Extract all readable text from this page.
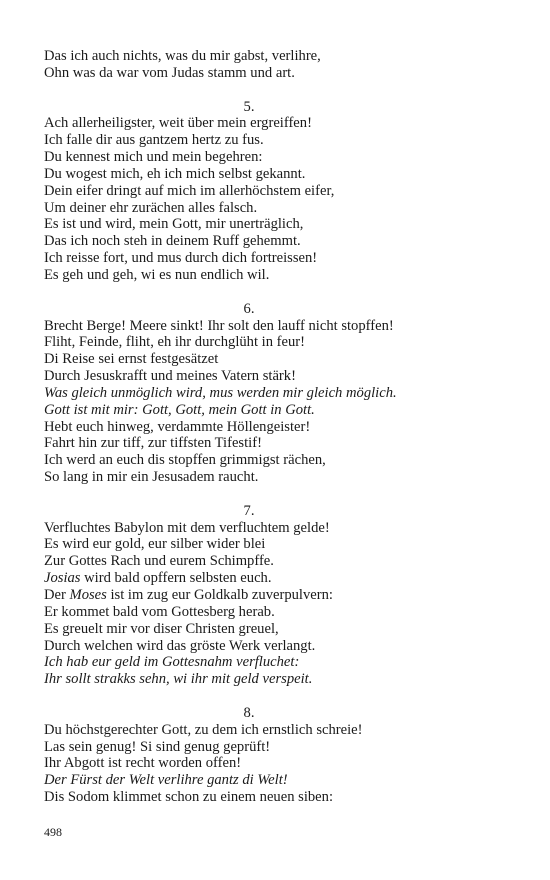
Das ich auch nichts, was du mir gabst, verlihre,
Ohn was da war vom Judas stamm und art.
5.
Ach allerheiligster, weit über mein ergreiffen!
Ich falle dir aus gantzem hertz zu fus.
Du kennest mich und mein begehren:
Du wogest mich, eh ich mich selbst gekannt.
Dein eifer dringt auf mich im allerhöchstem eifer,
Um deiner ehr zurächen alles falsch.
Es ist und wird, mein Gott, mir unerträglich,
Das ich noch steh in deinem Ruff gehemmt.
Ich reisse fort, und mus durch dich fortreissen!
Es geh und geh, wi es nun endlich wil.
6.
Brecht Berge! Meere sinkt! Ihr solt den lauff nicht stopffen!
Fliht, Feinde, fliht, eh ihr durchglüht in feur!
Di Reise sei ernst festgesätzet
Durch Jesuskrafft und meines Vatern stärk!
Was gleich unmöglich wird, mus werden mir gleich möglich.
Gott ist mit mir: Gott, Gott, mein Gott in Gott.
Hebt euch hinweg, verdammte Höllengeister!
Fahrt hin zur tiff, zur tiffsten Tifestif!
Ich werd an euch dis stopffen grimmigst rächen,
So lang in mir ein Jesusadem raucht.
7.
Verfluchtes Babylon mit dem verfluchtem gelde!
Es wird eur gold, eur silber wider blei
Zur Gottes Rach und eurem Schimpffe.
Josias wird bald opffern selbsten euch.
Der Moses ist im zug eur Goldkalb zuverpulvern:
Er kommet bald vom Gottesberg herab.
Es greuelt mir vor diser Christen greuel,
Durch welchen wird das gröste Werk verlangt.
Ich hab eur geld im Gottesnahm verfluchet:
Ihr sollt strakks sehn, wi ihr mit geld verspeit.
8.
Du höchstgerechter Gott, zu dem ich ernstlich schreie!
Las sein genug! Si sind genug geprüft!
Ihr Abgott ist recht worden offen!
Der Fürst der Welt verlihre gantz di Welt!
Dis Sodom klimmet schon zu einem neuen siben:
498
